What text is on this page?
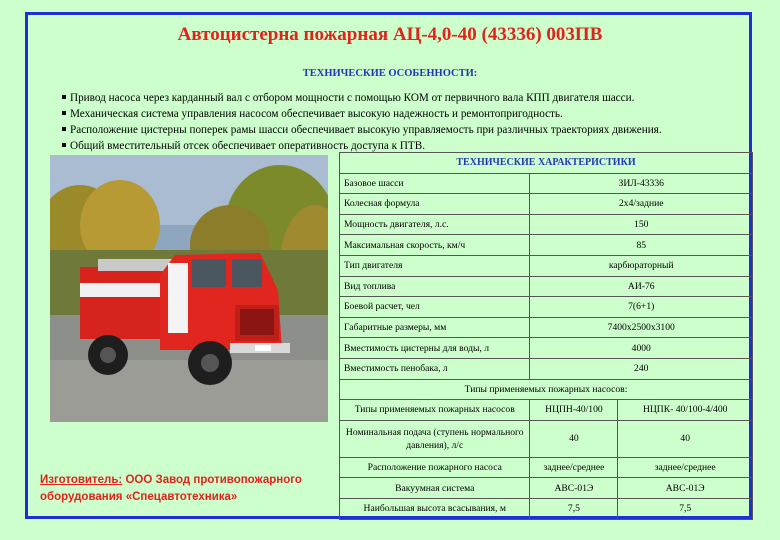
Автоцистерна пожарная АЦ-4,0-40 (43336) 003ПВ
ТЕХНИЧЕСКИЕ ОСОБЕННОСТИ:
Привод насоса через карданный вал с отбором мощности с помощью КОМ от первичного вала КПП двигателя шасси.
Механическая система управления насосом обеспечивает высокую надежность и ремонтопригодность.
Расположение цистерны поперек рамы шасси обеспечивает высокую управляемость при различных траекториях движения.
Общий вместительный отсек обеспечивает оперативность доступа к ПТВ.
Изготовитель: ООО Завод противопожарного оборудования «Спецавтотехника»
ТЕХНИЧЕСКИЕ ХАРАКТЕРИСТИКИ		
Базовое шасси	ЗИЛ-43336	
Колесная формула	2х4/задние	
Мощность двигателя, л.с.	150	
Максимальная скорость, км/ч	85	
Тип двигателя	карбюраторный	
Вид топлива	АИ-76	
Боевой расчет, чел	7(6+1)	
Габаритные размеры, мм	7400х2500х3100	
Вместимость цистерны для воды, л	4000	
Вместимость пенобака, л	240	
Типы применяемых пожарных насосов:		
Типы применяемых пожарных насосов	НЦПН-40/100	НЦПК- 40/100-4/400
Номинальная подача (ступень нормального давления), л/с	40	40
Расположение пожарного насоса	заднее/среднее	заднее/среднее
Вакуумная система	АВС-01Э	АВС-01Э
Наибольшая высота всасывания, м	7,5	7,5
